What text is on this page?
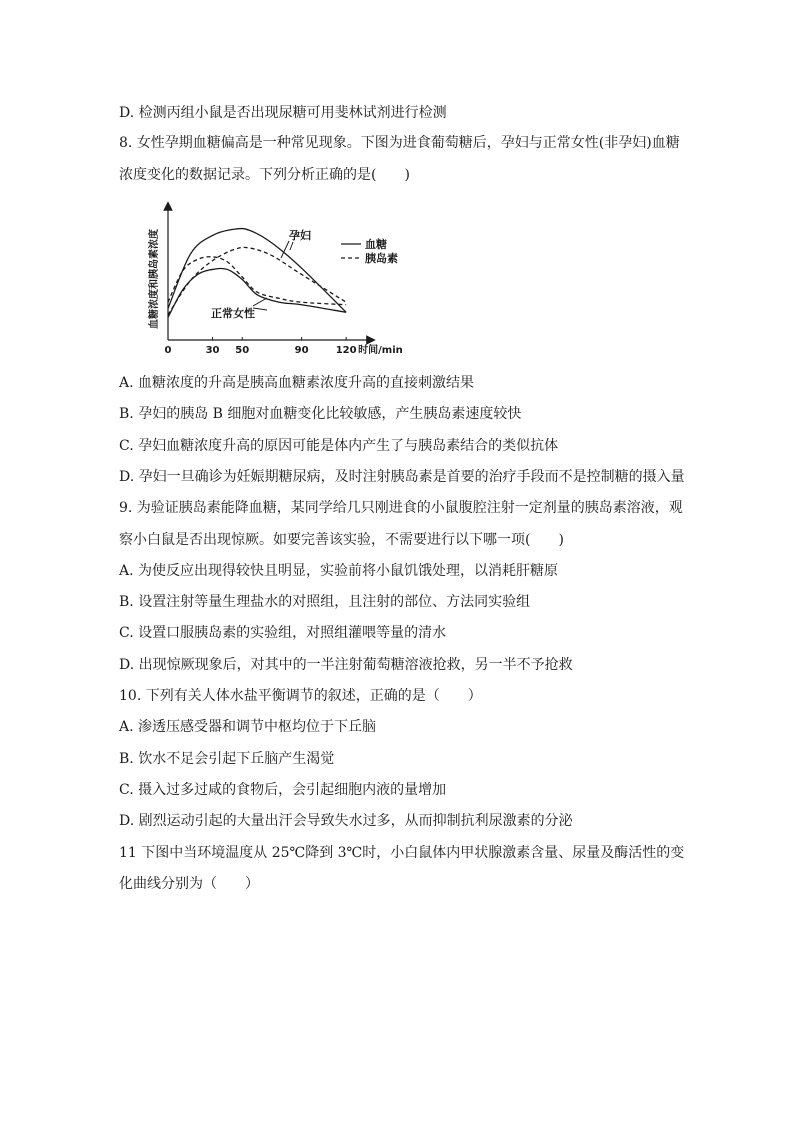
D. 检测丙组小鼠是否出现尿糖可用斐林试剂进行检测
8. 女性孕期血糖偏高是一种常见现象。下图为进食葡萄糖后，孕妇与正常女性(非孕妇)血糖
浓度变化的数据记录。下列分析正确的是(　　)
0	30 50	90	120 时间/min
血糖浓度和胰岛素浓度	血糖
胰岛素
孕妇
正常女性
A. 血糖浓度的升高是胰高血糖素浓度升高的直接刺激结果
B. 孕妇的胰岛 B 细胞对血糖变化比较敏感，产生胰岛素速度较快
C. 孕妇血糖浓度升高的原因可能是体内产生了与胰岛素结合的类似抗体
D. 孕妇一旦确诊为妊娠期糖尿病，及时注射胰岛素是首要的治疗手段而不是控制糖的摄入量
9. 为验证胰岛素能降血糖，某同学给几只刚进食的小鼠腹腔注射一定剂量的胰岛素溶液，观
察小白鼠是否出现惊厥。如要完善该实验，不需要进行以下哪一项(　　)
A. 为使反应出现得较快且明显，实验前将小鼠饥饿处理，以消耗肝糖原
B. 设置注射等量生理盐水的对照组，且注射的部位、方法同实验组
C. 设置口服胰岛素的实验组，对照组灌喂等量的清水
D. 出现惊厥现象后，对其中的一半注射葡萄糖溶液抢救，另一半不予抢救
10. 下列有关人体水盐平衡调节的叙述，正确的是（　　）
A. 渗透压感受器和调节中枢均位于下丘脑
B. 饮水不足会引起下丘脑产生渴觉
C. 摄入过多过咸的食物后，会引起细胞内液的量增加
D. 剧烈运动引起的大量出汗会导致失水过多，从而抑制抗利尿激素的分泌
11 下图中当环境温度从 25℃降到 3℃时，小白鼠体内甲状腺激素含量、尿量及酶活性的变
化曲线分别为（　　）
